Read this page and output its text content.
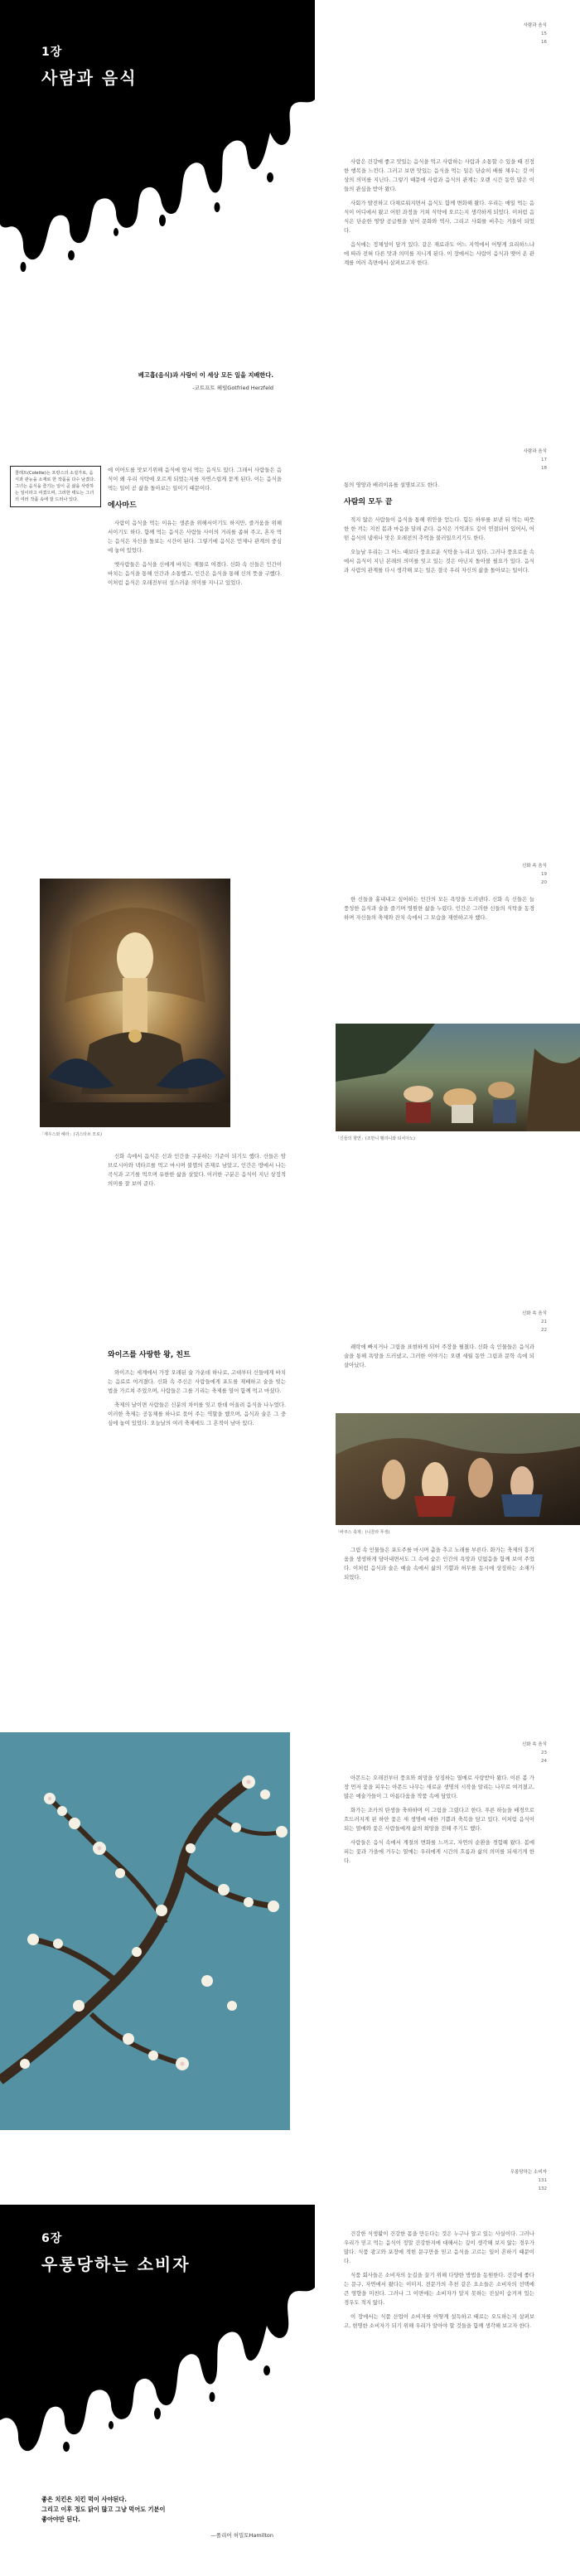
사람과 음식
15
16
1장
사람과 음식

사람은 건강에 좋고 맛있는 음식을 먹고 사람하는 사람과 소통할 수 있을 때 진정한 행복을 느낀다. 그러고 보면 맛있는 음식을 먹는 일은 단순히 배를 채우는 것 이상의 의미를 지닌다. 그렇기 때문에 사람과 음식의 관계는 오랜 시간 동안 많은 이들의 관심을 받아 왔다.

사회가 발전하고 다채로워지면서 음식도 함께 변화해 왔다. 우리는 매일 먹는 음식이 어디에서 왔고 어떤 과정을 거쳐 식탁에 오르는지 생각하게 되었다. 이처럼 음식은 단순한 영양 공급원을 넘어 문화와 역사, 그리고 사회를 비추는 거울이 되었다.

음식에는 정체성이 담겨 있다. 같은 재료라도 어느 지역에서 어떻게 요리하느냐에 따라 전혀 다른 맛과 의미를 지니게 된다. 이 장에서는 사람이 음식과 맺어 온 관계를 여러 측면에서 살펴보고자 한다.

베고흡(음식)과 사람이 이 세상 모든 일을 지배한다.
-코트프트 헤럴Gotfried Herzfeld
사람과 음식
17
18
콜레트(Colette)는 프랑스의 소설가로, 음식과 관능을 소재로 한 작품을 다수 남겼다. 그녀는 음식을 즐기는 일이 곧 삶을 사랑하는 일이라고 여겼으며, 그러한 태도는 그녀의 여러 작품 속에 잘 드러나 있다.

에 이어도를 맛보기위해 음식에 앞서 먹는 음식도 있다. 그래서 사람들은 음식이 왜 우리 식탁에 오르게 되었는지를 자연스럽게 묻게 된다. 이는 음식을 먹는 일이 곧 삶을 돌아보는 일이기 때문이다.

에사마드

사람이 음식을 먹는 이유는 생존을 위해서이기도 하지만, 즐거움을 위해서이기도 하다. 함께 먹는 음식은 사람들 사이의 거리를 좁혀 주고, 혼자 먹는 음식은 자신을 돌보는 시간이 된다. 그렇기에 음식은 언제나 관계의 중심에 놓여 있었다.

옛사람들은 음식을 신에게 바치는 제물로 여겼다. 신화 속 신들은 인간이 바치는 음식을 통해 인간과 소통했고, 인간은 음식을 통해 신의 뜻을 구했다. 이처럼 음식은 오래전부터 성스러운 의미를 지니고 있었다.

통의 영양과 배려이유를 설명보고도 한다.

사람의 모두 끝

적지 않은 사람들이 음식을 통해 위안을 얻는다. 힘든 하루를 보낸 뒤 먹는 따뜻한 한 끼는 지친 몸과 마음을 달래 준다. 음식은 기억과도 깊이 연결되어 있어서, 어떤 음식의 냄새나 맛은 오래전의 추억을 불러일으키기도 한다.

오늘날 우리는 그 어느 때보다 풍요로운 식탁을 누리고 있다. 그러나 풍요로움 속에서 음식이 지닌 본래의 의미를 잊고 있는 것은 아닌지 돌아볼 필요가 있다. 음식과 사람의 관계를 다시 생각해 보는 일은 결국 우리 자신의 삶을 돌아보는 일이다.

신화 속 음식
19
20
「제우스와 헤라」(귀스타브 모로)

한 신들을 흉내내고 싶어하는 인간의 모든 욕망을 드러낸다. 신화 속 신들은 늘 풍성한 음식과 술을 즐기며 영원한 삶을 누렸다. 인간은 그러한 신들의 식탁을 동경하며 자신들의 축제와 잔치 속에서 그 모습을 재현하고자 했다.

「신들의 향연」(조반니 벨리니와 티치아노)

신화 속에서 음식은 신과 인간을 구분하는 기준이 되기도 했다. 신들은 암브로시아와 넥타르를 먹고 마시며 불멸의 존재로 남았고, 인간은 땅에서 나는 곡식과 고기를 먹으며 유한한 삶을 살았다. 이러한 구분은 음식이 지닌 상징적 의미를 잘 보여 준다.

신화 속 음식
21
22
와이즈를 사랑한 왕, 친트

와이즈는 세계에서 가장 오래된 술 가운데 하나로, 고대부터 신들에게 바치는 음료로 여겨졌다. 신화 속 주신은 사람들에게 포도를 재배하고 술을 빚는 법을 가르쳐 주었으며, 사람들은 그를 기리는 축제를 열어 함께 먹고 마셨다.

축제의 날이면 사람들은 신분의 차이를 잊고 한데 어울려 음식을 나누었다. 이러한 축제는 공동체를 하나로 묶어 주는 역할을 했으며, 음식과 술은 그 중심에 놓여 있었다. 오늘날의 여러 축제에도 그 흔적이 남아 있다.

쾌락에 빠지거나 그림을 표현하게 되어 주장을 펼쳤다. 신화 속 인물들은 음식과 술을 통해 욕망을 드러냈고, 그러한 이야기는 오랜 세월 동안 그림과 문학 속에 되살아났다.

「바쿠스 축제」(니콜라 푸생)

그림 속 인물들은 포도주를 마시며 춤을 추고 노래를 부른다. 화가는 축제의 흥겨움을 생생하게 담아내면서도 그 속에 숨은 인간의 욕망과 덧없음을 함께 보여 주었다. 이처럼 음식과 술은 예술 속에서 삶의 기쁨과 허무를 동시에 상징하는 소재가 되었다.

신화 속 음식
23
24
「꽃 피는 아몬드 나무」(빈센트 반 고흐)

아몬드는 오래전부터 풍요와 희망을 상징하는 열매로 사랑받아 왔다. 이른 봄 가장 먼저 꽃을 피우는 아몬드 나무는 새로운 생명의 시작을 알리는 나무로 여겨졌고, 많은 예술가들이 그 아름다움을 작품 속에 담았다.

화가는 조카의 탄생을 축하하며 이 그림을 그렸다고 한다. 푸른 하늘을 배경으로 흐드러지게 핀 하얀 꽃은 새 생명에 대한 기쁨과 축복을 담고 있다. 이처럼 음식이 되는 열매와 꽃은 사람들에게 삶의 희망을 전해 주기도 했다.

사람들은 음식 속에서 계절의 변화를 느끼고, 자연의 순환을 경험해 왔다. 봄에 피는 꽃과 가을에 거두는 열매는 우리에게 시간의 흐름과 삶의 의미를 되새기게 한다.

우롱당하는 소비자
131
132
6장
우롱당하는 소비자

건강한 식생활이 건강한 몸을 만든다는 것은 누구나 알고 있는 사실이다. 그러나 우리가 믿고 먹는 음식이 정말 건강한지에 대해서는 깊이 생각해 보지 않는 경우가 많다. 식품 광고와 포장에 적힌 문구만을 믿고 음식을 고르는 일이 흔하기 때문이다.

식품 회사들은 소비자의 눈길을 끌기 위해 다양한 방법을 동원한다. 건강에 좋다는 문구, 자연에서 왔다는 이미지, 전문가의 추천 같은 요소들은 소비자의 선택에 큰 영향을 미친다. 그러나 그 이면에는 소비자가 알지 못하는 진실이 숨겨져 있는 경우도 적지 않다.

이 장에서는 식품 산업이 소비자를 어떻게 설득하고 때로는 오도하는지 살펴보고, 현명한 소비자가 되기 위해 우리가 알아야 할 것들을 함께 생각해 보고자 한다.

좋은 치킨은 치킨 먹이 사야된다.
그리고 이후 정도 닭이 많고 그냥 먹어도 기분이
좋아야만 된다.
—폴리어 허밀토Hamilton
